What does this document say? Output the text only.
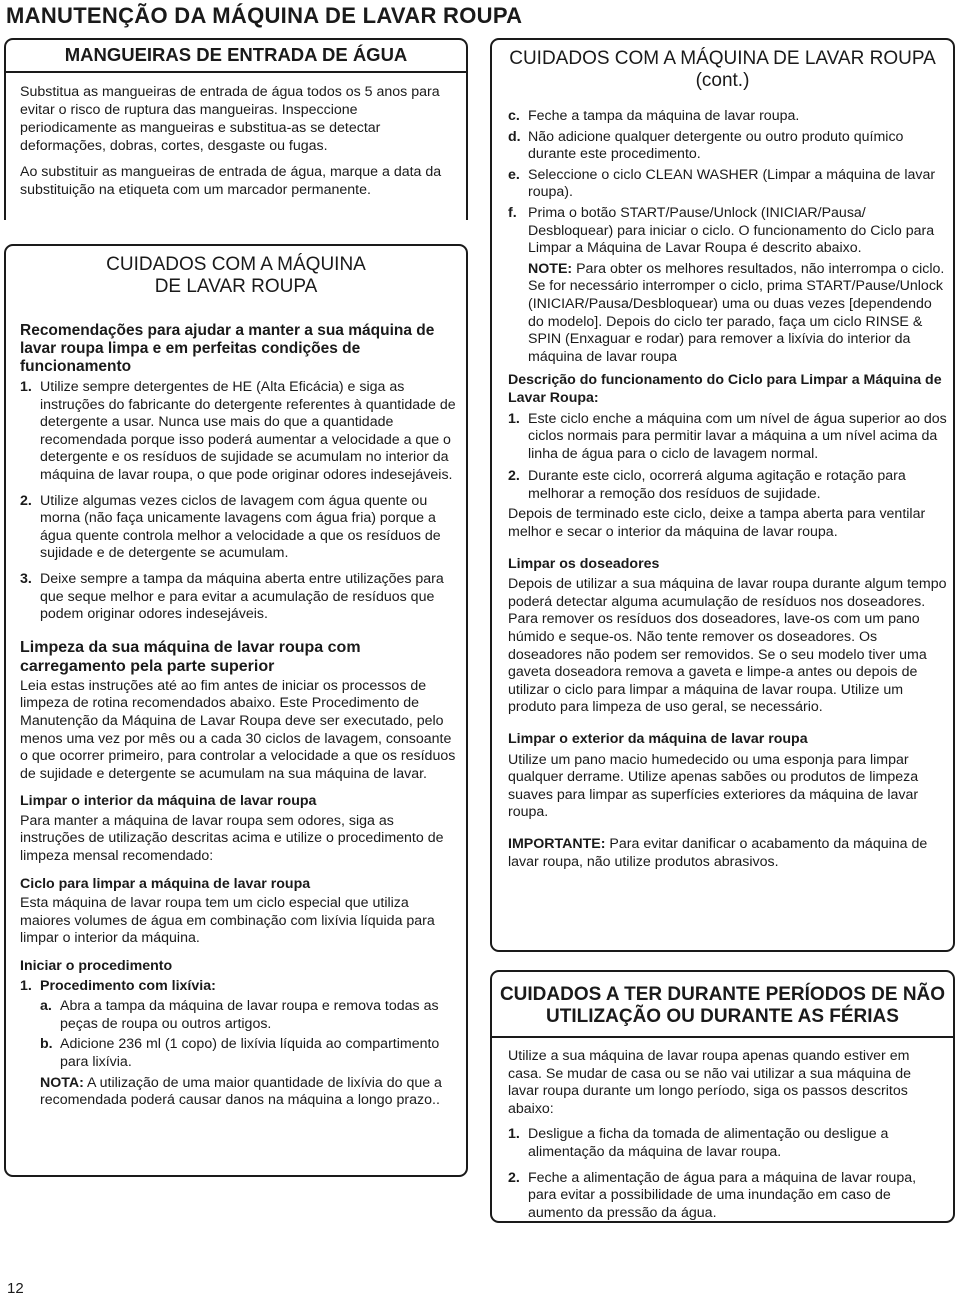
MANUTENÇÃO DA MÁQUINA DE LAVAR ROUPA
MANGUEIRAS DE ENTRADA DE ÁGUA

Substitua as mangueiras de entrada de água todos os 5 anos para evitar o risco de ruptura das mangueiras. Inspeccione periodicamente as mangueiras e substitua-as se detectar deformações, dobras, cortes, desgaste ou fugas.

Ao substituir as mangueiras de entrada de água, marque a data da substituição na etiqueta com um marcador permanente.

CUIDADOS COM A MÁQUINA
DE LAVAR ROUPA

Recomendações para ajudar a manter a sua máquina de lavar roupa limpa e em perfeitas condições de funcionamento

1. Utilize sempre detergentes de HE (Alta Eficácia) e siga as instruções do fabricante do detergente referentes à quantidade de detergente a usar. Nunca use mais do que a quantidade recomendada porque isso poderá aumentar a velocidade a que o detergente e os resíduos de sujidade se acumulam no interior da máquina de lavar roupa, o que pode originar odores indesejáveis.
2. Utilize algumas vezes ciclos de lavagem com água quente ou morna (não faça unicamente lavagens com água fria) porque a água quente controla melhor a velocidade a que os resíduos de sujidade e de detergente se acumulam.
3. Deixe sempre a tampa da máquina aberta entre utilizações para que seque melhor e para evitar a acumulação de resíduos que podem originar odores indesejáveis.

Limpeza da sua máquina de lavar roupa com carregamento pela parte superior

Leia estas instruções até ao fim antes de iniciar os processos de limpeza de rotina recomendados abaixo. Este Procedimento de Manutenção da Máquina de Lavar Roupa deve ser executado, pelo menos uma vez por mês ou a cada 30 ciclos de lavagem, consoante o que ocorrer primeiro, para controlar a velocidade a que os resíduos de sujidade e detergente se acumulam na sua máquina de lavar.

Limpar o interior da máquina de lavar roupa

Para manter a máquina de lavar roupa sem odores, siga as instruções de utilização descritas acima e utilize o procedimento de limpeza mensal recomendado:

Ciclo para limpar a máquina de lavar roupa

Esta máquina de lavar roupa tem um ciclo especial que utiliza maiores volumes de água em combinação com lixívia líquida para limpar o interior da máquina.

Iniciar o procedimento

1. Procedimento com lixívia:
a. Abra a tampa da máquina de lavar roupa e remova todas as peças de roupa ou outros artigos.
b. Adicione 236 ml (1 copo) de lixívia líquida ao compartimento para lixívia.

NOTA: A utilização de uma maior quantidade de lixívia do que a recomendada poderá causar danos na máquina a longo prazo..

CUIDADOS COM A MÁQUINA DE LAVAR ROUPA (cont.)
c. Feche a tampa da máquina de lavar roupa.
d. Não adicione qualquer detergente ou outro produto químico durante este procedimento.
e. Seleccione o ciclo CLEAN WASHER (Limpar a máquina de lavar roupa).
f. Prima o botão START/Pause/Unlock (INICIAR/Pausa/ Desbloquear) para iniciar o ciclo. O funcionamento do Ciclo para Limpar a Máquina de Lavar Roupa é descrito abaixo.

NOTE: Para obter os melhores resultados, não interrompa o ciclo. Se for necessário interromper o ciclo, prima START/Pause/Unlock (INICIAR/Pausa/Desbloquear) uma ou duas vezes [dependendo do modelo]. Depois do ciclo ter parado, faça um ciclo RINSE & SPIN (Enxaguar e rodar) para remover a lixívia do interior da máquina de lavar roupa

Descrição do funcionamento do Ciclo para Limpar a Máquina de Lavar Roupa:

1. Este ciclo enche a máquina com um nível de água superior ao dos ciclos normais para permitir lavar a máquina a um nível acima da linha de água para o ciclo de lavagem normal.
2. Durante este ciclo, ocorrerá alguma agitação e rotação para melhorar a remoção dos resíduos de sujidade.

Depois de terminado este ciclo, deixe a tampa aberta para ventilar melhor e secar o interior da máquina de lavar roupa.

Limpar os doseadores

Depois de utilizar a sua máquina de lavar roupa durante algum tempo poderá detectar alguma acumulação de resíduos nos doseadores. Para remover os resíduos dos doseadores, lave-os com um pano húmido e seque-os. Não tente remover os doseadores. Os doseadores não podem ser removidos. Se o seu modelo tiver uma gaveta doseadora remova a gaveta e limpe-a antes ou depois de utilizar o ciclo para limpar a máquina de lavar roupa. Utilize um produto para limpeza de uso geral, se necessário.

Limpar o exterior da máquina de lavar roupa

Utilize um pano macio humedecido ou uma esponja para limpar qualquer derrame. Utilize apenas sabões ou produtos de limpeza suaves para limpar as superfícies exteriores da máquina de lavar roupa.

IMPORTANTE: Para evitar danificar o acabamento da máquina de lavar roupa, não utilize produtos abrasivos.

CUIDADOS A TER DURANTE PERÍODOS DE NÃO UTILIZAÇÃO OU DURANTE AS FÉRIAS

Utilize a sua máquina de lavar roupa apenas quando estiver em casa. Se mudar de casa ou se não vai utilizar a sua máquina de lavar roupa durante um longo período, siga os passos descritos abaixo:

1. Desligue a ficha da tomada de alimentação ou desligue a alimentação da máquina de lavar roupa.
2. Feche a alimentação de água para a máquina de lavar roupa, para evitar a possibilidade de uma inundação em caso de aumento da pressão da água.

12
